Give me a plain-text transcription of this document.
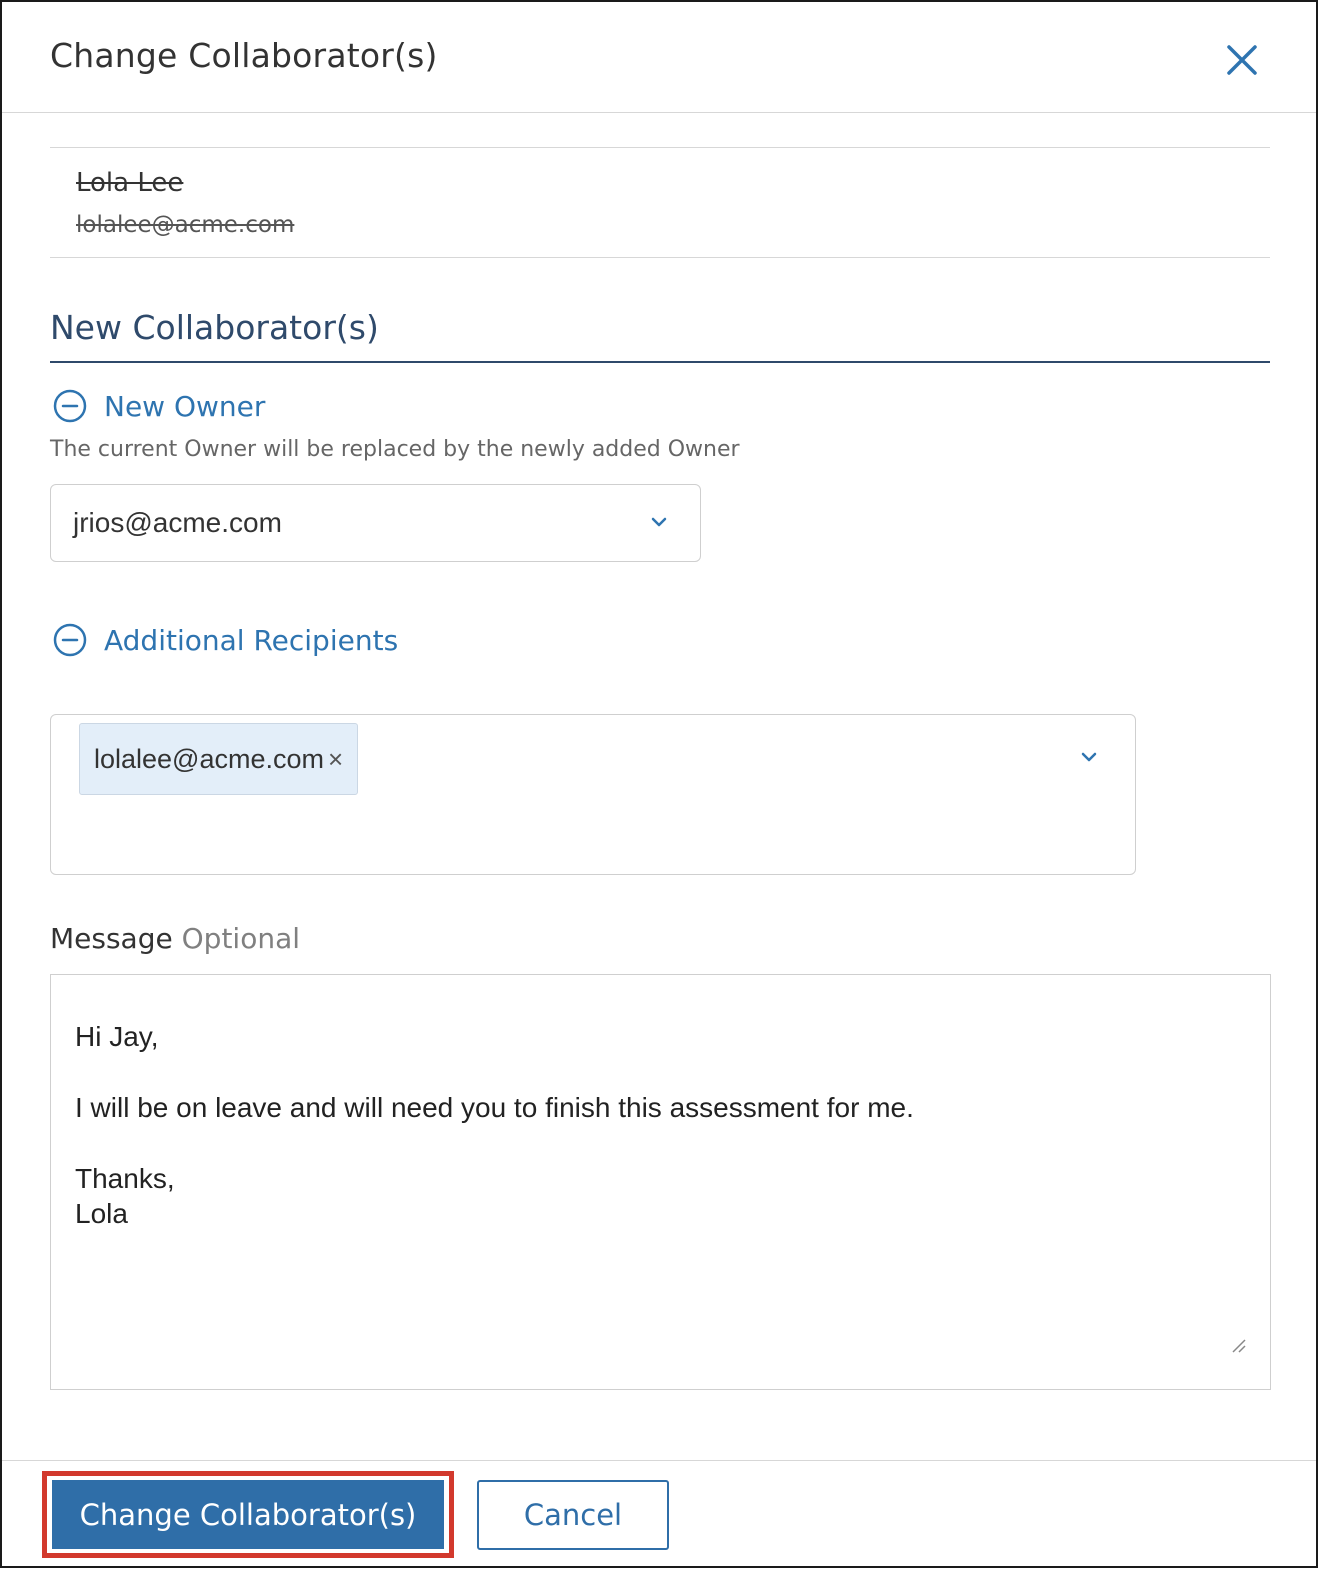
Change Collaborator(s)
Lola Lee
lolalee@acme.com
New Collaborator(s)
New Owner
The current Owner will be replaced by the newly added Owner
jrios@acme.com
Additional Recipients
lolalee@acme.com ×
Message Optional
Hi Jay,
I will be on leave and will need you to finish this assessment for me.
Thanks,
Lola
Change Collaborator(s)	Cancel
